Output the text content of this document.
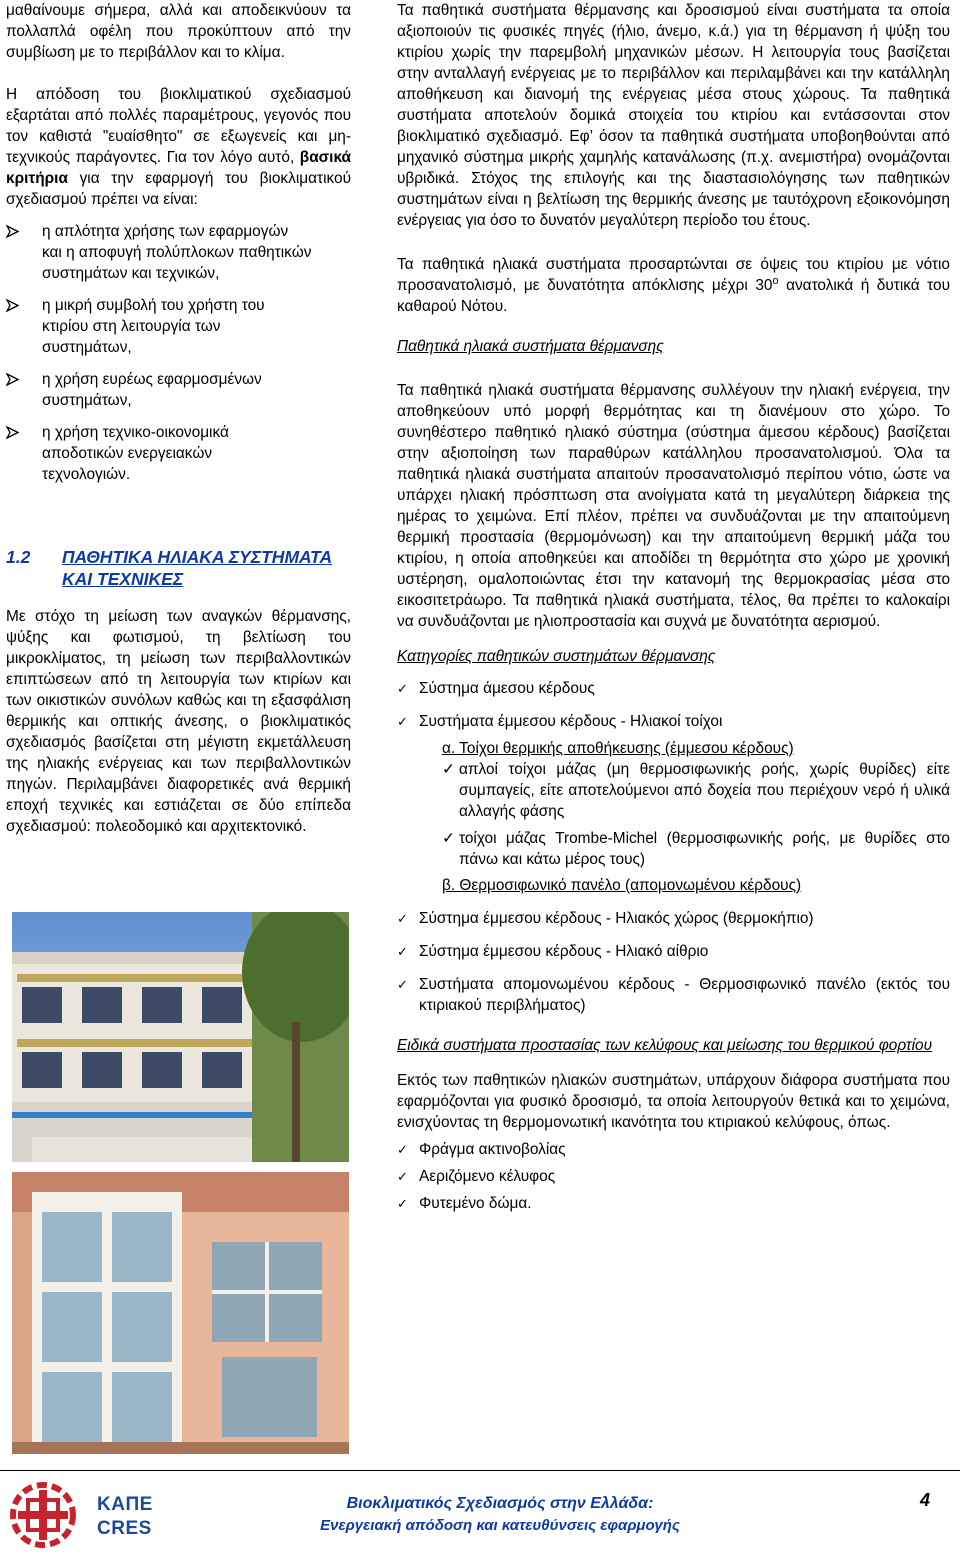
μαθαίνουμε σήμερα, αλλά και αποδεικνύουν τα πολλαπλά οφέλη που προκύπτουν από την συμβίωση με το περιβάλλον και το κλίμα.

Η απόδοση του βιοκλιματικού σχεδιασμού εξαρτάται από πολλές παραμέτρους, γεγονός που τον καθιστά "ευαίσθητο" σε εξωγενείς και μη-τεχνικούς παράγοντες. Για τον λόγο αυτό, βασικά κριτήρια για την εφαρμογή του βιοκλιματικού σχεδιασμού πρέπει να είναι:

η απλότητα χρήσης των εφαρμογών και η αποφυγή πολύπλοκων παθητικών συστημάτων και τεχνικών,
η μικρή συμβολή του χρήστη του κτιρίου στη λειτουργία των συστημάτων,
η χρήση ευρέως εφαρμοσμένων συστημάτων,
η χρήση τεχνικο-οικονομικά αποδοτικών ενεργειακών τεχνολογιών.
1.2 ΠΑΘΗΤΙΚΑ ΗΛΙΑΚΑ ΣΥΣΤΗΜΑΤΑ ΚΑΙ ΤΕΧΝΙΚΕΣ

Με στόχο τη μείωση των αναγκών θέρμανσης, ψύξης και φωτισμού, τη βελτίωση του μικροκλίματος, τη μείωση των περιβαλλοντικών επιπτώσεων από τη λειτουργία των κτιρίων και των οικιστικών συνόλων καθώς και τη εξασφάλιση θερμικής και οπτικής άνεσης, ο βιοκλιματικός σχεδιασμός βασίζεται στη μέγιστη εκμετάλλευση της ηλιακής ενέργειας και των περιβαλλοντικών πηγών. Περιλαμβάνει διαφορετικές ανά θερμική εποχή τεχνικές και εστιάζεται σε δύο επίπεδα σχεδιασμού: πολεοδομικό και αρχιτεκτονικό.

Τα παθητικά συστήματα θέρμανσης και δροσισμού είναι συστήματα τα οποία αξιοποιούν τις φυσικές πηγές (ήλιο, άνεμο, κ.ά.) για τη θέρμανση ή ψύξη του κτιρίου χωρίς την παρεμβολή μηχανικών μέσων. Η λειτουργία τους βασίζεται στην ανταλλαγή ενέργειας με το περιβάλλον και περιλαμβάνει και την κατάλληλη αποθήκευση και διανομή της ενέργειας μέσα στους χώρους. Τα παθητικά συστήματα αποτελούν δομικά στοιχεία του κτιρίου και εντάσσονται στον βιοκλιματικό σχεδιασμό. Εφ’ όσον τα παθητικά συστήματα υποβοηθούνται από μηχανικό σύστημα μικρής χαμηλής κατανάλωσης (π.χ. ανεμιστήρα) ονομάζονται υβριδικά. Στόχος της επιλογής και της διαστασιολόγησης των παθητικών συστημάτων είναι η βελτίωση της θερμικής άνεσης με ταυτόχρονη εξοικονόμηση ενέργειας για όσο το δυνατόν μεγαλύτερη περίοδο του έτους.

Τα παθητικά ηλιακά συστήματα προσαρτώνται σε όψεις του κτιρίου με νότιο προσανατολισμό, με δυνατότητα απόκλισης μέχρι $30^o$ ανατολικά ή δυτικά του καθαρού Νότου.

Παθητικά ηλιακά συστήματα θέρμανσης

Τα παθητικά ηλιακά συστήματα θέρμανσης συλλέγουν την ηλιακή ενέργεια, την αποθηκεύουν υπό μορφή θερμότητας και τη διανέμουν στο χώρο. Το συνηθέστερο παθητικό ηλιακό σύστημα (σύστημα άμεσου κέρδους) βασίζεται στην αξιοποίηση των παραθύρων κατάλληλου προσανατολισμού. Όλα τα παθητικά ηλιακά συστήματα απαιτούν προσανατολισμό περίπου νότιο, ώστε να υπάρχει ηλιακή πρόσπτωση στα ανοίγματα κατά τη μεγαλύτερη διάρκεια της ημέρας το χειμώνα. Επί πλέον, πρέπει να συνδυάζονται με την απαιτούμενη θερμική προστασία (θερμομόνωση) και την απαιτούμενη θερμική μάζα του κτιρίου, η οποία αποθηκεύει και αποδίδει τη θερμότητα στο χώρο με χρονική υστέρηση, ομαλοποιώντας έτσι την κατανομή της θερμοκρασίας μέσα στο εικοσιτετράωρο. Τα παθητικά ηλιακά συστήματα, τέλος, θα πρέπει το καλοκαίρι να συνδυάζονται με ηλιοπροστασία και συχνά με δυνατότητα αερισμού.

Κατηγορίες παθητικών συστημάτων θέρμανσης

✓ Σύστημα άμεσου κέρδους
✓ Συστήματα έμμεσου κέρδους - Ηλιακοί τοίχοι
α. Τοίχοι θερμικής αποθήκευσης (έμμεσου κέρδους)
✓ απλοί τοίχοι μάζας (μη θερμοσιφωνικής ροής, χωρίς θυρίδες) είτε συμπαγείς, είτε αποτελούμενοι από δοχεία που περιέχουν νερό ή υλικά αλλαγής φάσης
✓ τοίχοι μάζας Trombe-Michel (θερμοσιφωνικής ροής, με θυρίδες στο πάνω και κάτω μέρος τους)
β. Θερμοσιφωνικό πανέλο (απομονωμένου κέρδους)
✓ Σύστημα έμμεσου κέρδους - Ηλιακός χώρος (θερμοκήπιο)
✓ Σύστημα έμμεσου κέρδους - Ηλιακό αίθριο
✓ Συστήματα απομονωμένου κέρδους - Θερμοσιφωνικό πανέλο (εκτός του κτιριακού περιβλήματος)

Ειδικά συστήματα προστασίας των κελύφους και μείωσης του θερμικού φορτίου

Εκτός των παθητικών ηλιακών συστημάτων, υπάρχουν διάφορα συστήματα που εφαρμόζονται για φυσικό δροσισμό, τα οποία λειτουργούν θετικά και το χειμώνα, ενισχύοντας τη θερμομονωτική ικανότητα του κτιριακού κελύφους, όπως.

✓ Φράγμα ακτινοβολίας
✓ Αεριζόμενο κέλυφος
✓ Φυτεμένο δώμα.
ΚΑΠΕ
CRES
Βιοκλιματικός Σχεδιασμός στην Ελλάδα:
Ενεργειακή απόδοση και κατευθύνσεις εφαρμογής
4
